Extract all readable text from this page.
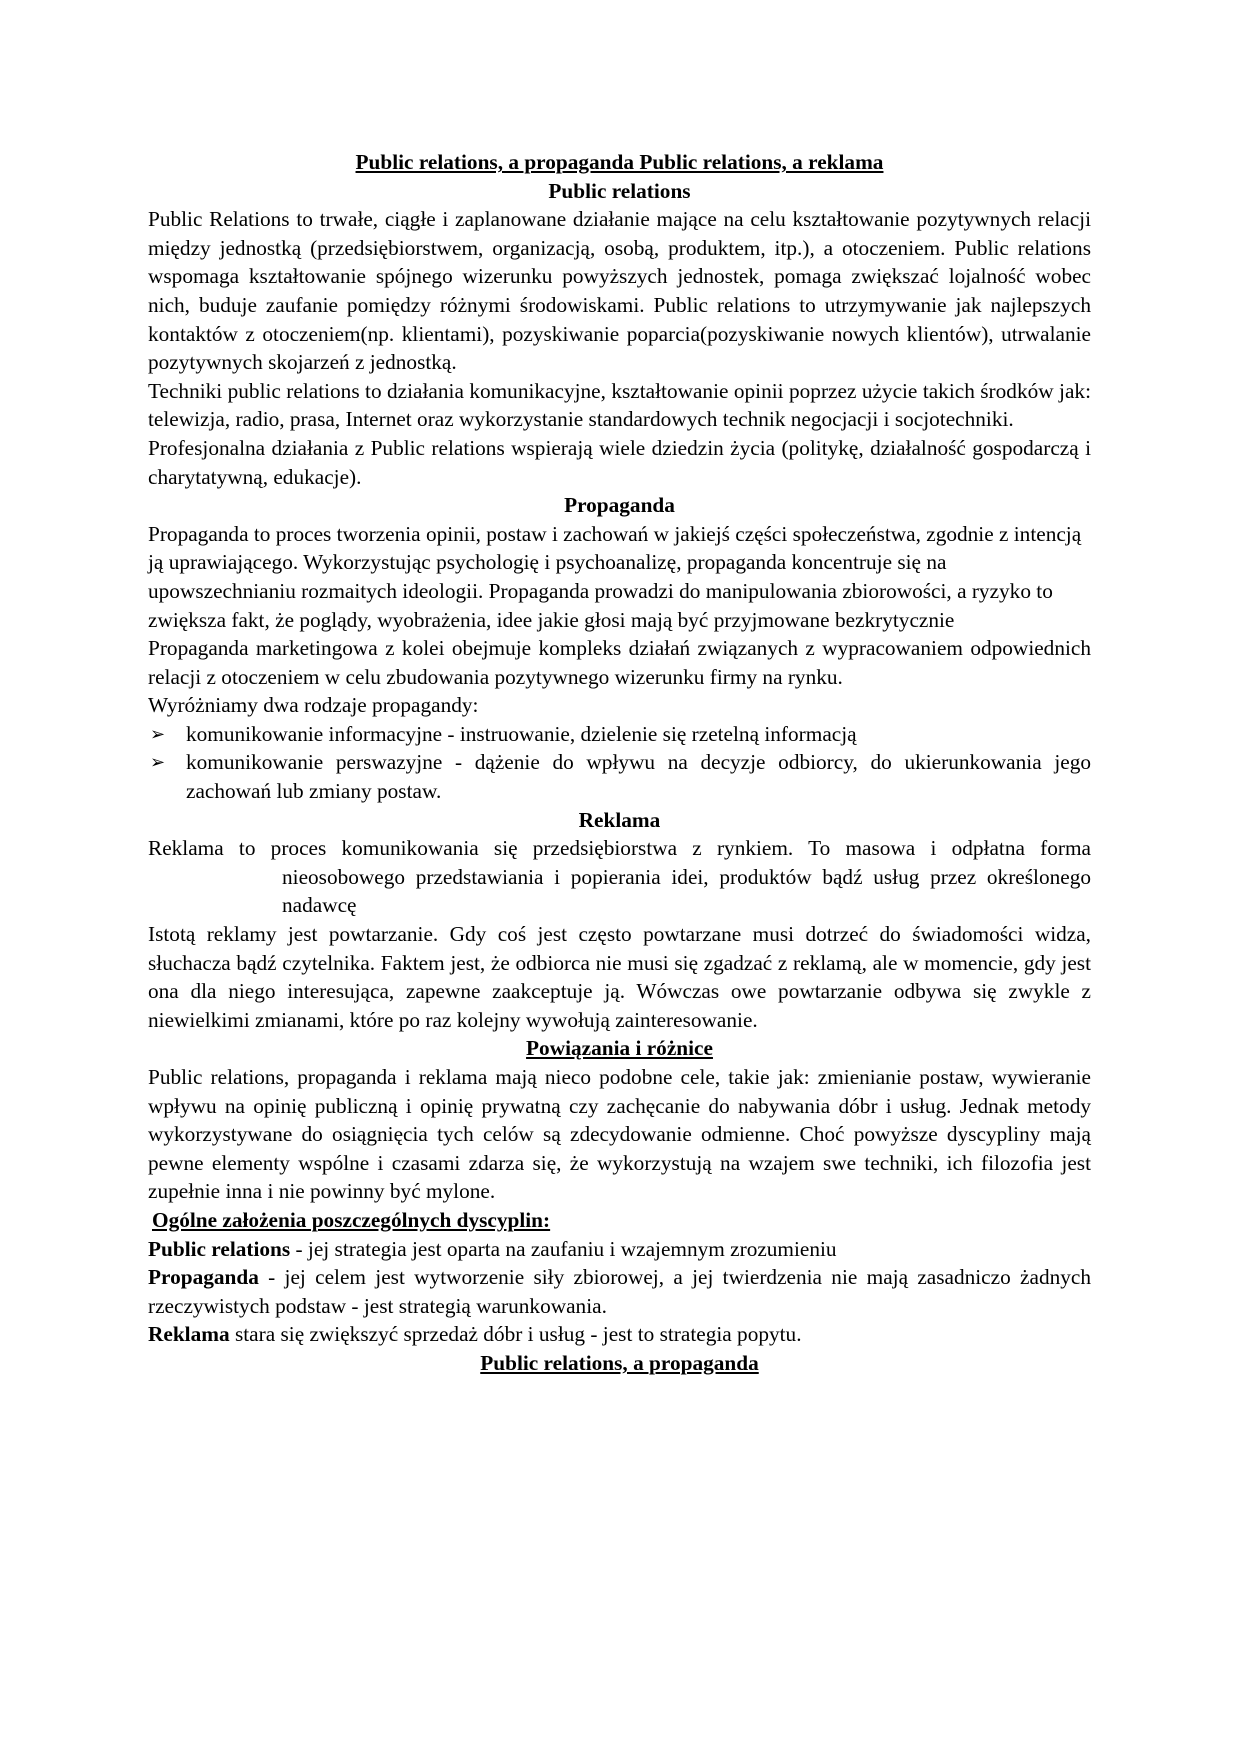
Public relations, a propaganda Public relations, a reklama

Public relations

Public Relations to trwałe, ciągłe i zaplanowane działanie mające na celu kształtowanie pozytywnych relacji między jednostką (przedsiębiorstwem, organizacją, osobą, produktem, itp.), a otoczeniem. Public relations wspomaga kształtowanie spójnego wizerunku powyższych jednostek, pomaga zwiększać lojalność wobec nich, buduje zaufanie pomiędzy różnymi środowiskami. Public relations to utrzymywanie jak najlepszych kontaktów z otoczeniem(np. klientami), pozyskiwanie poparcia(pozyskiwanie nowych klientów), utrwalanie pozytywnych skojarzeń z jednostką.

Techniki public relations to działania komunikacyjne, kształtowanie opinii poprzez użycie takich środków jak: telewizja, radio, prasa, Internet oraz wykorzystanie standardowych technik negocjacji i socjotechniki.

Profesjonalna działania z Public relations wspierają wiele dziedzin życia (politykę, działalność gospodarczą i charytatywną, edukacje).

Propaganda

Propaganda to proces tworzenia opinii, postaw i zachowań w jakiejś części społeczeństwa, zgodnie z intencją ją uprawiającego. Wykorzystując psychologię i psychoanalizę, propaganda koncentruje się na upowszechnianiu rozmaitych ideologii. Propaganda prowadzi do manipulowania zbiorowości, a ryzyko to zwiększa fakt, że poglądy, wyobrażenia, idee jakie głosi mają być przyjmowane bezkrytycznie

Propaganda marketingowa z kolei obejmuje kompleks działań związanych z wypracowaniem odpowiednich relacji z otoczeniem w celu zbudowania pozytywnego wizerunku firmy na rynku.

Wyróżniamy dwa rodzaje propagandy:

➢ komunikowanie informacyjne - instruowanie, dzielenie się rzetelną informacją
➢ komunikowanie perswazyjne - dążenie do wpływu na decyzje odbiorcy, do ukierunkowania jego zachowań lub zmiany postaw.

Reklama

Reklama to proces komunikowania się przedsiębiorstwa z rynkiem. To masowa i odpłatna forma nieosobowego przedstawiania i popierania idei, produktów bądź usług przez określonego nadawcę

Istotą reklamy jest powtarzanie. Gdy coś jest często powtarzane musi dotrzeć do świadomości widza, słuchacza bądź czytelnika. Faktem jest, że odbiorca nie musi się zgadzać z reklamą, ale w momencie, gdy jest ona dla niego interesująca, zapewne zaakceptuje ją. Wówczas owe powtarzanie odbywa się zwykle z niewielkimi zmianami, które po raz kolejny wywołują zainteresowanie.

Powiązania i różnice

Public relations, propaganda i reklama mają nieco podobne cele, takie jak: zmienianie postaw, wywieranie wpływu na opinię publiczną i opinię prywatną czy zachęcanie do nabywania dóbr i usług. Jednak metody wykorzystywane do osiągnięcia tych celów są zdecydowanie odmienne. Choć powyższe dyscypliny mają pewne elementy wspólne i czasami zdarza się, że wykorzystują na wzajem swe techniki, ich filozofia jest zupełnie inna i nie powinny być mylone.

Ogólne założenia poszczególnych dyscyplin:

Public relations - jej strategia jest oparta na zaufaniu i wzajemnym zrozumieniu

Propaganda - jej celem jest wytworzenie siły zbiorowej, a jej twierdzenia nie mają zasadniczo żadnych rzeczywistych podstaw - jest strategią warunkowania.

Reklama stara się zwiększyć sprzedaż dóbr i usług - jest to strategia popytu.

Public relations, a propaganda
